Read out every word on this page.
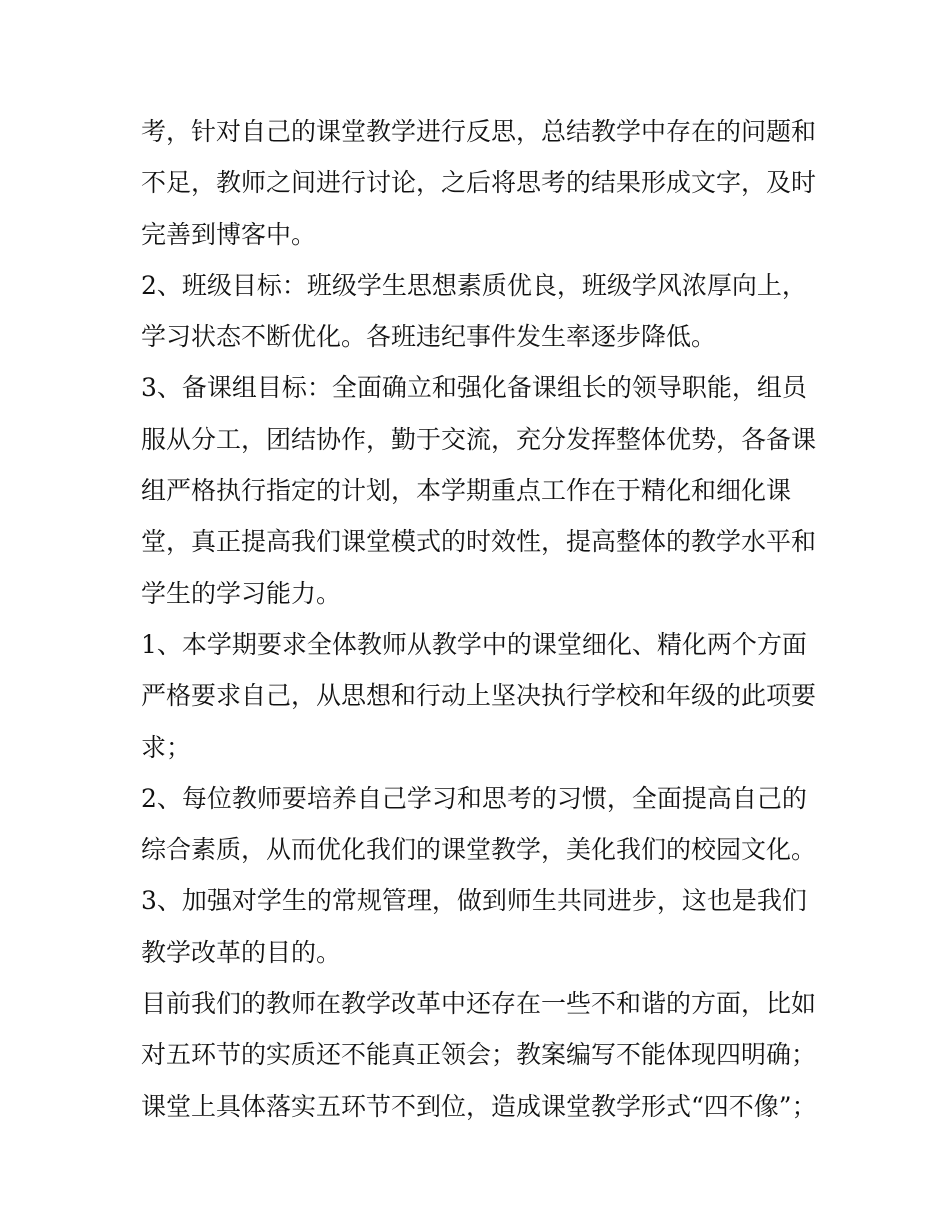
考，针对自己的课堂教学进行反思，总结教学中存在的问题和
不足，教师之间进行讨论，之后将思考的结果形成文字，及时
完善到博客中。

2、班级目标：班级学生思想素质优良，班级学风浓厚向上，
学习状态不断优化。各班违纪事件发生率逐步降低。

3、备课组目标：全面确立和强化备课组长的领导职能，组员
服从分工，团结协作，勤于交流，充分发挥整体优势，各备课
组严格执行指定的计划，本学期重点工作在于精化和细化课
堂，真正提高我们课堂模式的时效性，提高整体的教学水平和
学生的学习能力。

1、本学期要求全体教师从教学中的课堂细化、精化两个方面
严格要求自己，从思想和行动上坚决执行学校和年级的此项要
求；

2、每位教师要培养自己学习和思考的习惯，全面提高自己的
综合素质，从而优化我们的课堂教学，美化我们的校园文化。

3、加强对学生的常规管理，做到师生共同进步，这也是我们
教学改革的目的。

目前我们的教师在教学改革中还存在一些不和谐的方面，比如
对五环节的实质还不能真正领会；教案编写不能体现四明确；
课堂上具体落实五环节不到位，造成课堂教学形式“四不像”；
